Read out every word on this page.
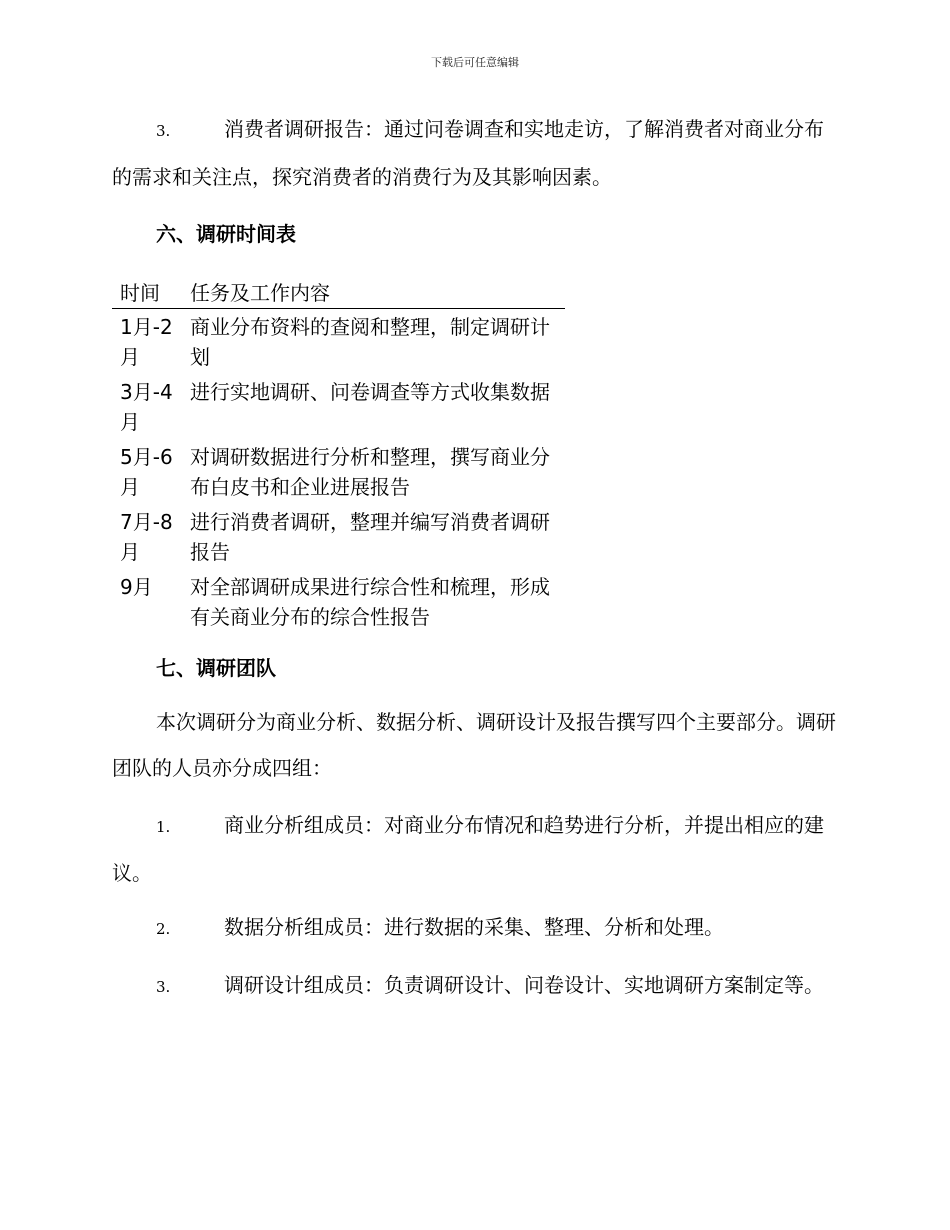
下载后可任意编辑
3.	消费者调研报告：通过问卷调查和实地走访，了解消费者对商业分布的需求和关注点，探究消费者的消费行为及其影响因素。
六、调研时间表
时间	任务及工作内容
1月-2月	商业分布资料的查阅和整理，制定调研计划
3月-4月	进行实地调研、问卷调查等方式收集数据
5月-6月	对调研数据进行分析和整理，撰写商业分布白皮书和企业进展报告
7月-8月	进行消费者调研，整理并编写消费者调研报告
9月	对全部调研成果进行综合性和梳理，形成有关商业分布的综合性报告
七、调研团队
本次调研分为商业分析、数据分析、调研设计及报告撰写四个主要部分。调研团队的人员亦分成四组：
1.	商业分析组成员：对商业分布情况和趋势进行分析，并提出相应的建议。
2.	数据分析组成员：进行数据的采集、整理、分析和处理。
3.	调研设计组成员：负责调研设计、问卷设计、实地调研方案制定等。
